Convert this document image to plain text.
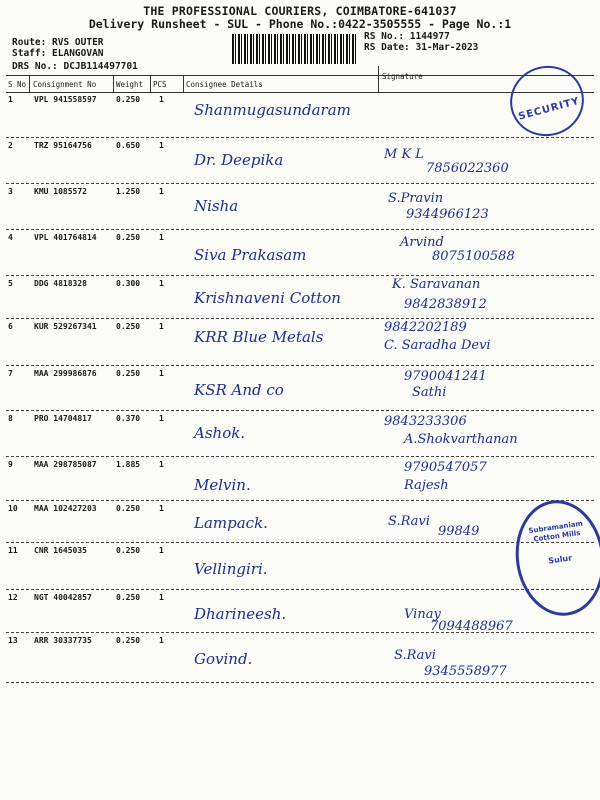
THE PROFESSIONAL COURIERS, COIMBATORE-641037
Delivery Runsheet - SUL - Phone No.:0422-3505555 - Page No.:1
Route: RVS OUTER
Staff: ELANGOVAN
DRS No.: DCJB114497701
RS No.: 1144977
RS Date: 31-Mar-2023
S No Consignment No	Weight PCS	Consignee Details
Signature
1	VPL 941558597 0.250 1
Shanmugasundaram
2	TRZ 95164756	0.650 1
Dr. Deepika	M K L
7856022360
3	KMU 1085572	1.250 1
Nisha	S.Pravin
9344966123
4	VPL 401764814 0.250 1
Siva Prakasam
Arvind
8075100588
5	DDG 4818328	0.300 1
Krishnaveni Cotton
K. Saravanan
9842838912
6	KUR 529267341 0.250 1
KRR Blue Metals
9842202189
C. Saradha Devi
7	MAA 299986876 0.250 1
KSR And co
9790041241
Sathi
8	PRO 14704817	0.370 1
Ashok.
9843233306
A.Shokvarthanan
9	MAA 298785087 1.885 1
Melvin.
9790547057
Rajesh
10 MAA 102427203 0.250 1
Lampack.	S.Ravi
99849
11 CNR 1645035	0.250 1
Vellingiri.
12 NGT 40042857	0.250 1
Dharineesh.	Vinay
7094488967
13 ARR 30337735	0.250 1
Govind.	S.Ravi
9345558977
SECURITY
Subramaniam Cotton Mills
Sulur
